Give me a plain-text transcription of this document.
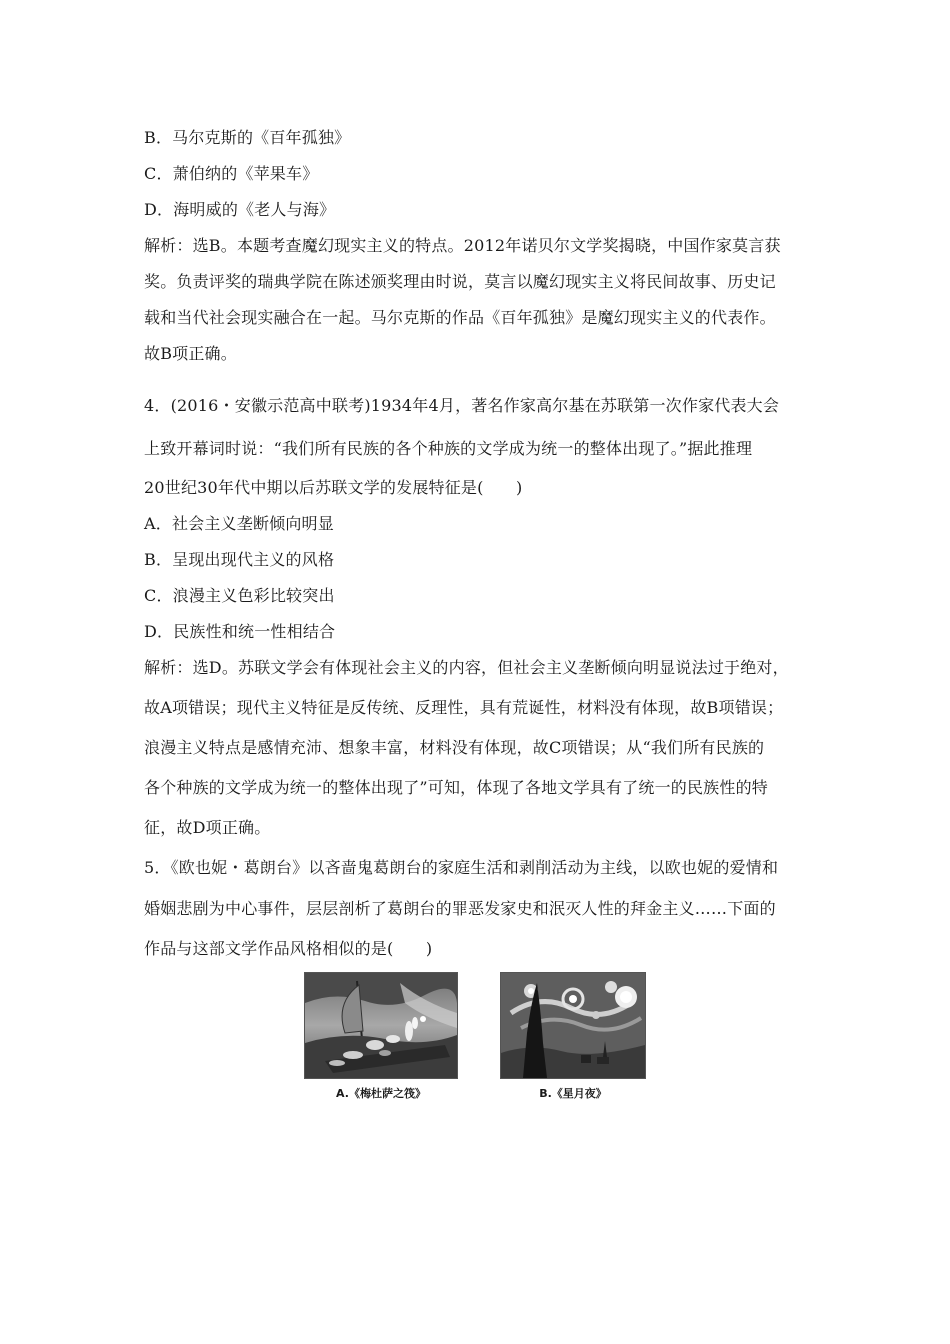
B．马尔克斯的《百年孤独》
C．萧伯纳的《苹果车》
D．海明威的《老人与海》
解析：选B。本题考查魔幻现实主义的特点。2012年诺贝尔文学奖揭晓，中国作家莫言获
奖。负责评奖的瑞典学院在陈述颁奖理由时说，莫言以魔幻现实主义将民间故事、历史记
载和当代社会现实融合在一起。马尔克斯的作品《百年孤独》是魔幻现实主义的代表作。
故B项正确。
4．(2016・安徽示范高中联考)1934年4月，著名作家高尔基在苏联第一次作家代表大会
上致开幕词时说：“我们所有民族的各个种族的文学成为统一的整体出现了。”据此推理
20世纪30年代中期以后苏联文学的发展特征是(　　)
A．社会主义垄断倾向明显
B．呈现出现代主义的风格
C．浪漫主义色彩比较突出
D．民族性和统一性相结合
解析：选D。苏联文学会有体现社会主义的内容，但社会主义垄断倾向明显说法过于绝对，
故A项错误；现代主义特征是反传统、反理性，具有荒诞性，材料没有体现，故B项错误；
浪漫主义特点是感情充沛、想象丰富，材料没有体现，故C项错误；从“我们所有民族的
各个种族的文学成为统一的整体出现了”可知，体现了各地文学具有了统一的民族性的特
征，故D项正确。
5．《欧也妮・葛朗台》以吝啬鬼葛朗台的家庭生活和剥削活动为主线，以欧也妮的爱情和
婚姻悲剧为中心事件，层层剖析了葛朗台的罪恶发家史和泯灭人性的拜金主义……下面的
作品与这部文学作品风格相似的是(　　)
A.《梅杜萨之筏》	B.《星月夜》
